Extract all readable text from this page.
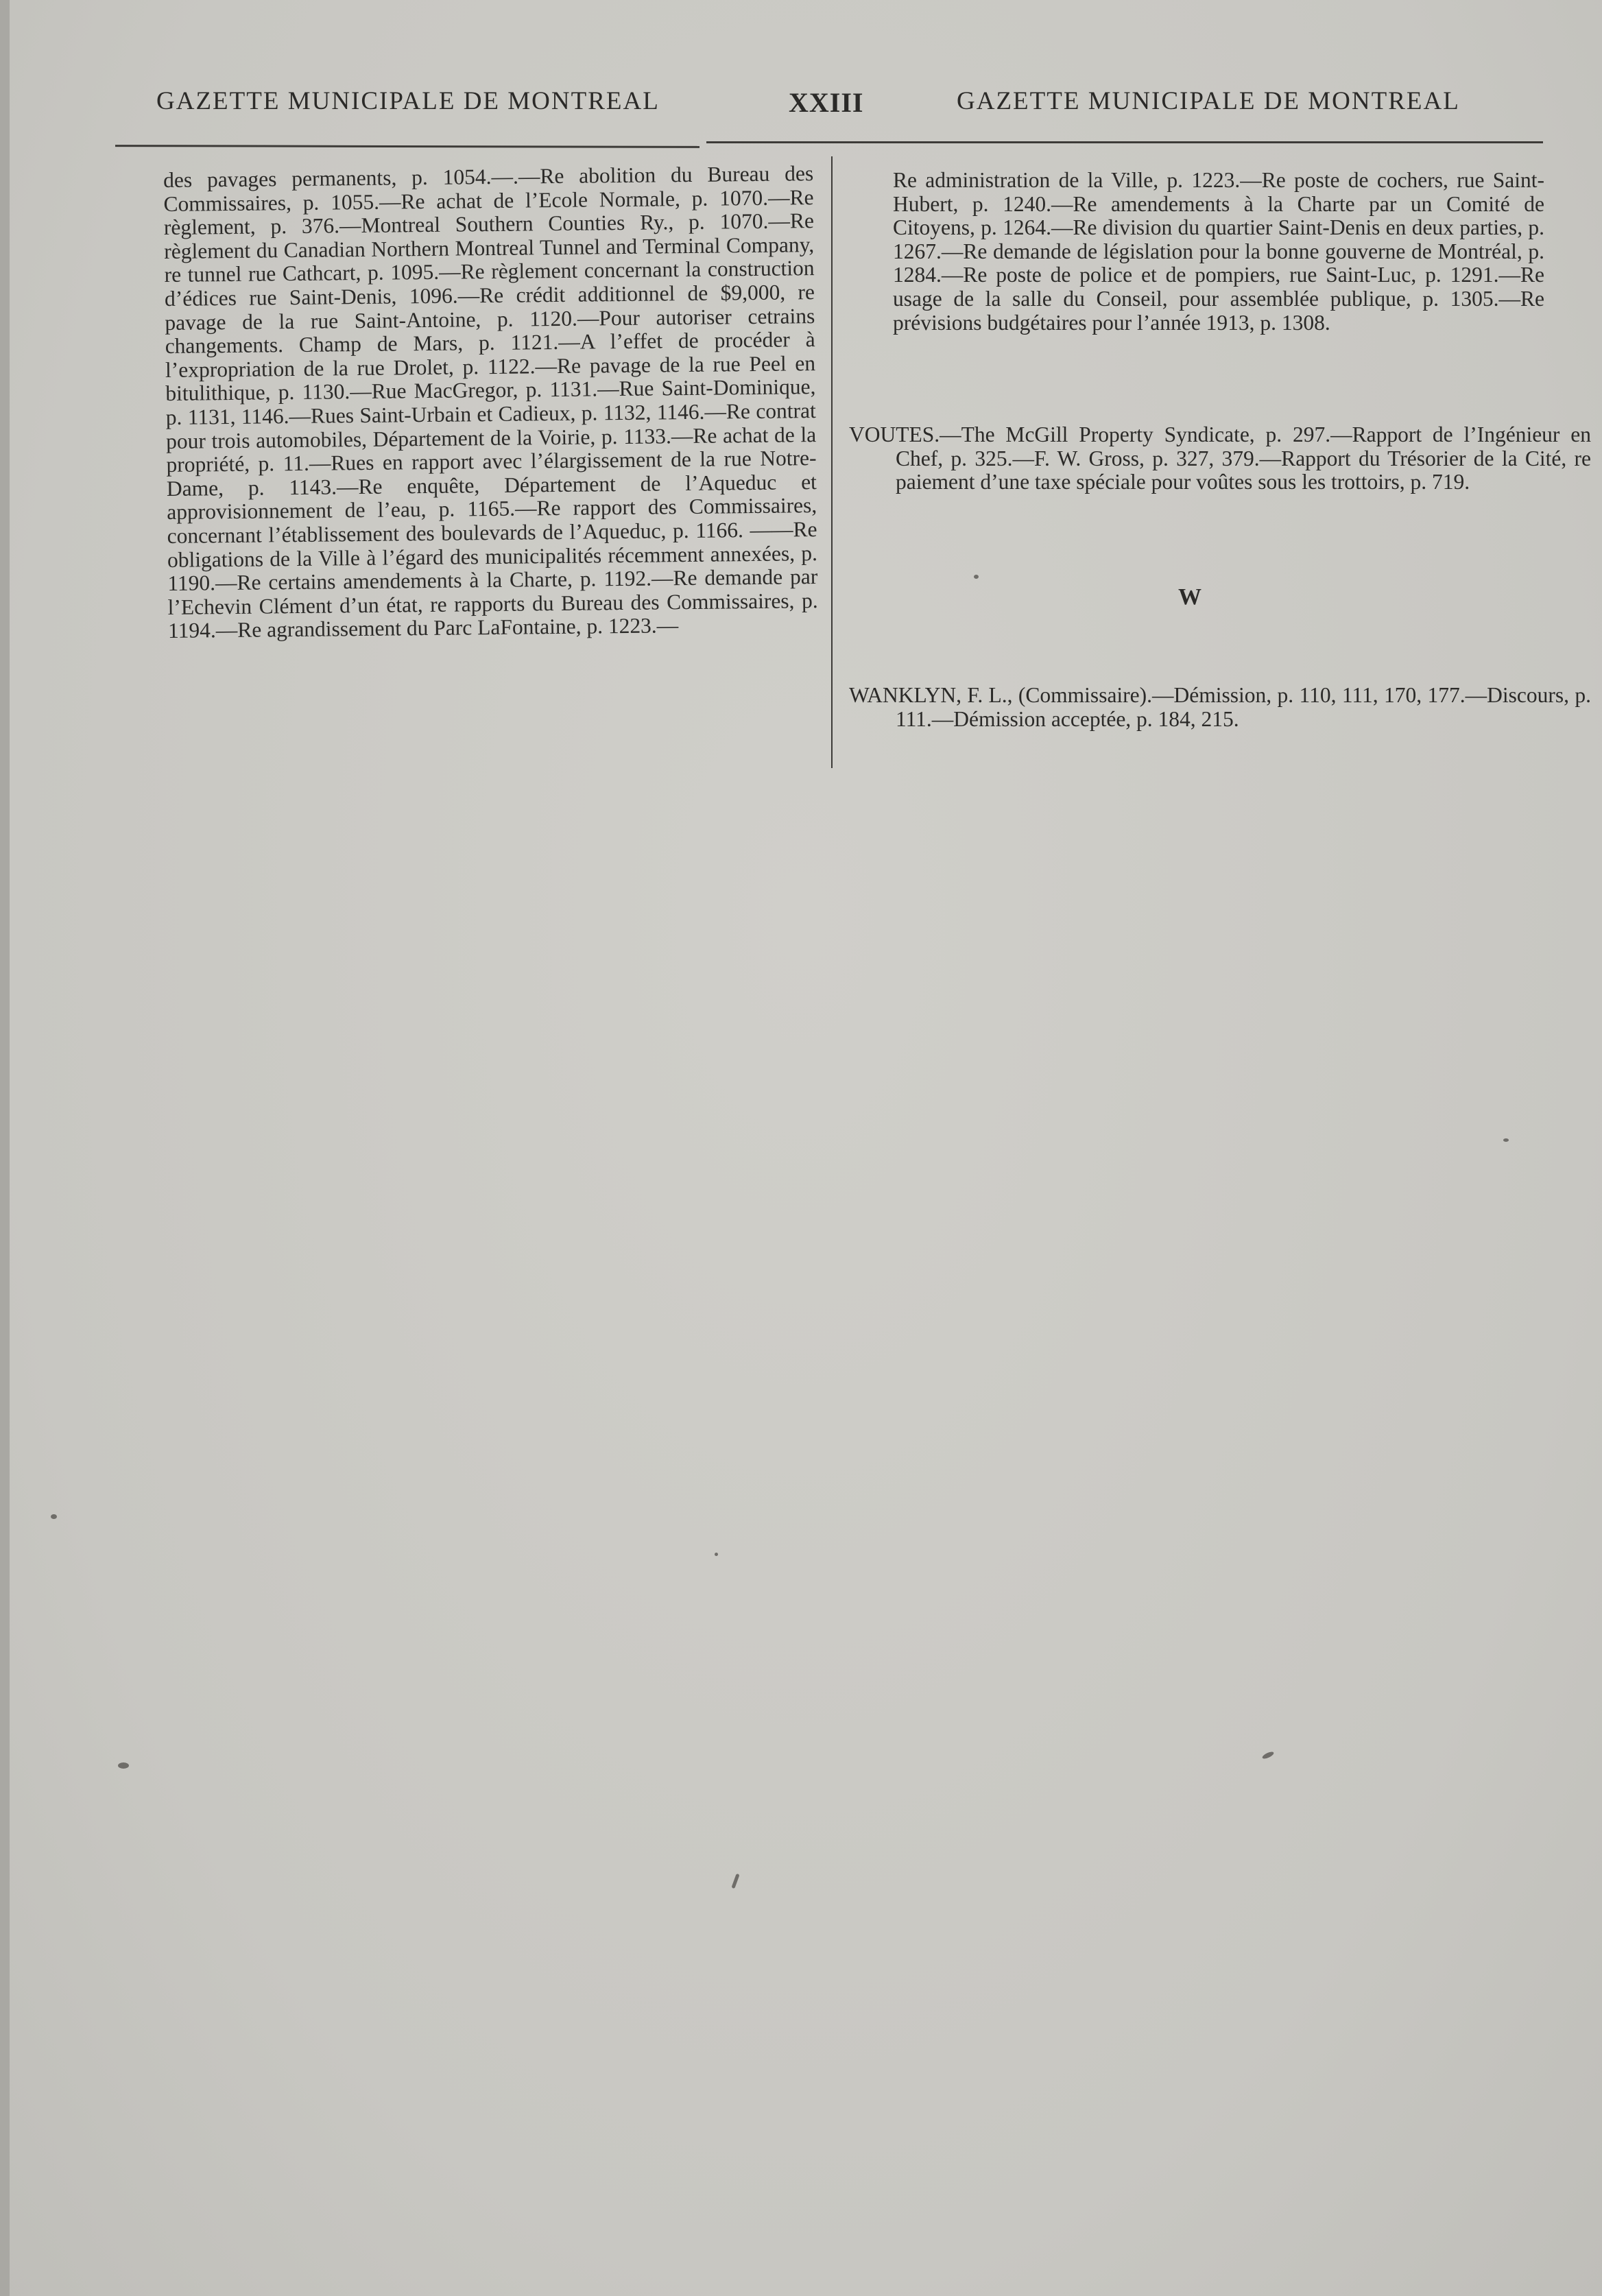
GAZETTE MUNICIPALE DE MONTREAL	XXIII	GAZETTE MUNICIPALE DE MONTREAL
des pavages permanents, p. 1054.—.—Re abolition du Bureau des Commissaires, p. 1055.—Re achat de l’Ecole Normale, p. 1070.—Re règlement, p. 376.—Montreal Southern Counties Ry., p. 1070.—Re règlement du Canadian Northern Montreal Tunnel and Terminal Company, re tunnel rue Cathcart, p. 1095.—Re règlement concernant la construction d’édices rue Saint-Denis, 1096.—Re crédit additionnel de $9,000, re pavage de la rue Saint-Antoine, p. 1120.—Pour autoriser cetrains changements. Champ de Mars, p. 1121.—A l’effet de procéder à l’expropriation de la rue Drolet, p. 1122.—Re pavage de la rue Peel en bitulithique, p. 1130.—Rue MacGregor, p. 1131.—Rue Saint-Dominique, p. 1131, 1146.—Rues Saint-Urbain et Cadieux, p. 1132, 1146.—Re contrat pour trois automobiles, Département de la Voirie, p. 1133.—Re achat de la propriété, p. 11.—Rues en rapport avec l’élargissement de la rue Notre-Dame, p. 1143.—Re enquête, Département de l’Aqueduc et approvisionnement de l’eau, p. 1165.—Re rapport des Commissaires, concernant l’établissement des boulevards de l’Aqueduc, p. 1166. ——Re obligations de la Ville à l’égard des municipalités récemment annexées, p. 1190.—Re certains amendements à la Charte, p. 1192.—Re demande par l’Echevin Clément d’un état, re rapports du Bureau des Commissaires, p. 1194.—Re agrandissement du Parc LaFontaine, p. 1223.—
Re administration de la Ville, p. 1223.—Re poste de cochers, rue Saint-Hubert, p. 1240.—Re amendements à la Charte par un Comité de Citoyens, p. 1264.—Re division du quartier Saint-Denis en deux parties, p. 1267.—Re demande de législation pour la bonne gouverne de Montréal, p. 1284.—Re poste de police et de pompiers, rue Saint-Luc, p. 1291.—Re usage de la salle du Conseil, pour assemblée publique, p. 1305.—Re prévisions budgétaires pour l’année 1913, p. 1308.
VOUTES.—The McGill Property Syndicate, p. 297.—Rapport de l’Ingénieur en Chef, p. 325.—F. W. Gross, p. 327, 379.—Rapport du Trésorier de la Cité, re paiement d’une taxe spéciale pour voûtes sous les trottoirs, p. 719.
W
WANKLYN, F. L., (Commissaire).—Démission, p. 110, 111, 170, 177.—Discours, p. 111.—Démission acceptée, p. 184, 215.
